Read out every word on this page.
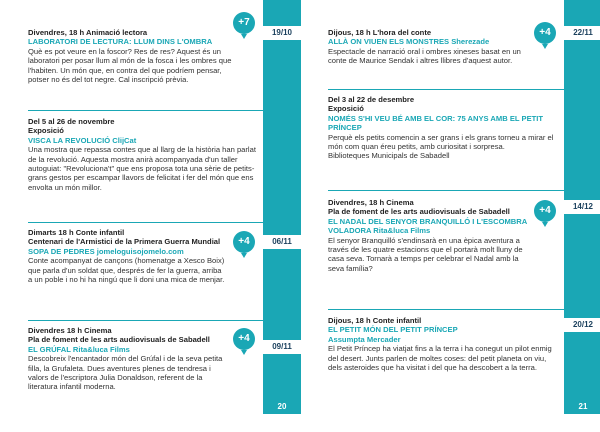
19/10
06/11
09/11
20
+7
Divendres, 18 h Animació lectora
LABORATORI DE LECTURA: LLUM DINS L'OMBRA

Què es pot veure en la foscor? Res de res? Aquest és un laboratori per posar llum al món de la fosca i les ombres que l'habiten. Un món que, en contra del que podríem pensar, potser no és del tot negre. Cal inscripció prèvia.

Del 5 al 26 de novembre
Exposició
VISCA LA REVOLUCIÓ ClijCat

Una mostra que repassa contes que al llarg de la història han parlat de la revolució. Aquesta mostra anirà acompanyada d'un taller autoguiat: "Revoluciona't" que ens proposa tota una sèrie de petits-grans gestos per escampar llavors de felicitat i fer del món que ens envolta un món millor.

+4
Dimarts 18 h Conte infantil
Centenari de l'Armistici de la Primera Guerra Mundial
SOPA DE PEDRES jomeloguisojomelo.com

Conte acompanyat de cançons (homenatge a Xesco Boix) que parla d'un soldat que, després de fer la guerra, arriba a un poble i no hi ha ningú que li doni una mica de menjar.

+4
Divendres 18 h Cinema
Pla de foment de les arts audiovisuals de Sabadell
EL GRÚFAL Rita&luca Films

Descobreix l'encantador món del Grúfal i de la seva petita filla, la Grufaleta. Dues aventures plenes de tendresa i valors de l'escriptora Julia Donaldson, referent de la literatura infantil moderna.

22/11
14/12
20/12
21
+4
Dijous, 18 h L'hora del conte
ALLÀ ON VIUEN ELS MONSTRES Sherezade

Espectacle de narració oral i ombres xineses basat en un conte de Maurice Sendak i altres llibres d'aquest autor.

Del 3 al 22 de desembre
Exposició
NOMÉS S'HI VEU BÉ AMB EL COR: 75 ANYS AMB EL PETIT PRÍNCEP

Perquè els petits comencin a ser grans i els grans torneu a mirar el món com quan éreu petits, amb curiositat i sorpresa.

Biblioteques Municipals de Sabadell

+4
Divendres, 18 h Cinema
Pla de foment de les arts audiovisuals de Sabadell
EL NADAL DEL SENYOR BRANQUILLÓ I L'ESCOMBRA VOLADORA Rita&luca Films

El senyor Branquilló s'endinsarà en una èpica aventura a través de les quatre estacions que el portarà molt lluny de casa seva. Tornarà a temps per celebrar el Nadal amb la seva família?

Dijous, 18 h Conte infantil
EL PETIT MÓN DEL PETIT PRÍNCEP
Assumpta Mercader

El Petit Príncep ha viatjat fins a la terra i ha conegut un pilot enmig del desert. Junts parlen de moltes coses: del petit planeta on viu, dels asteroides que ha visitat i del que ha descobert a la terra.
